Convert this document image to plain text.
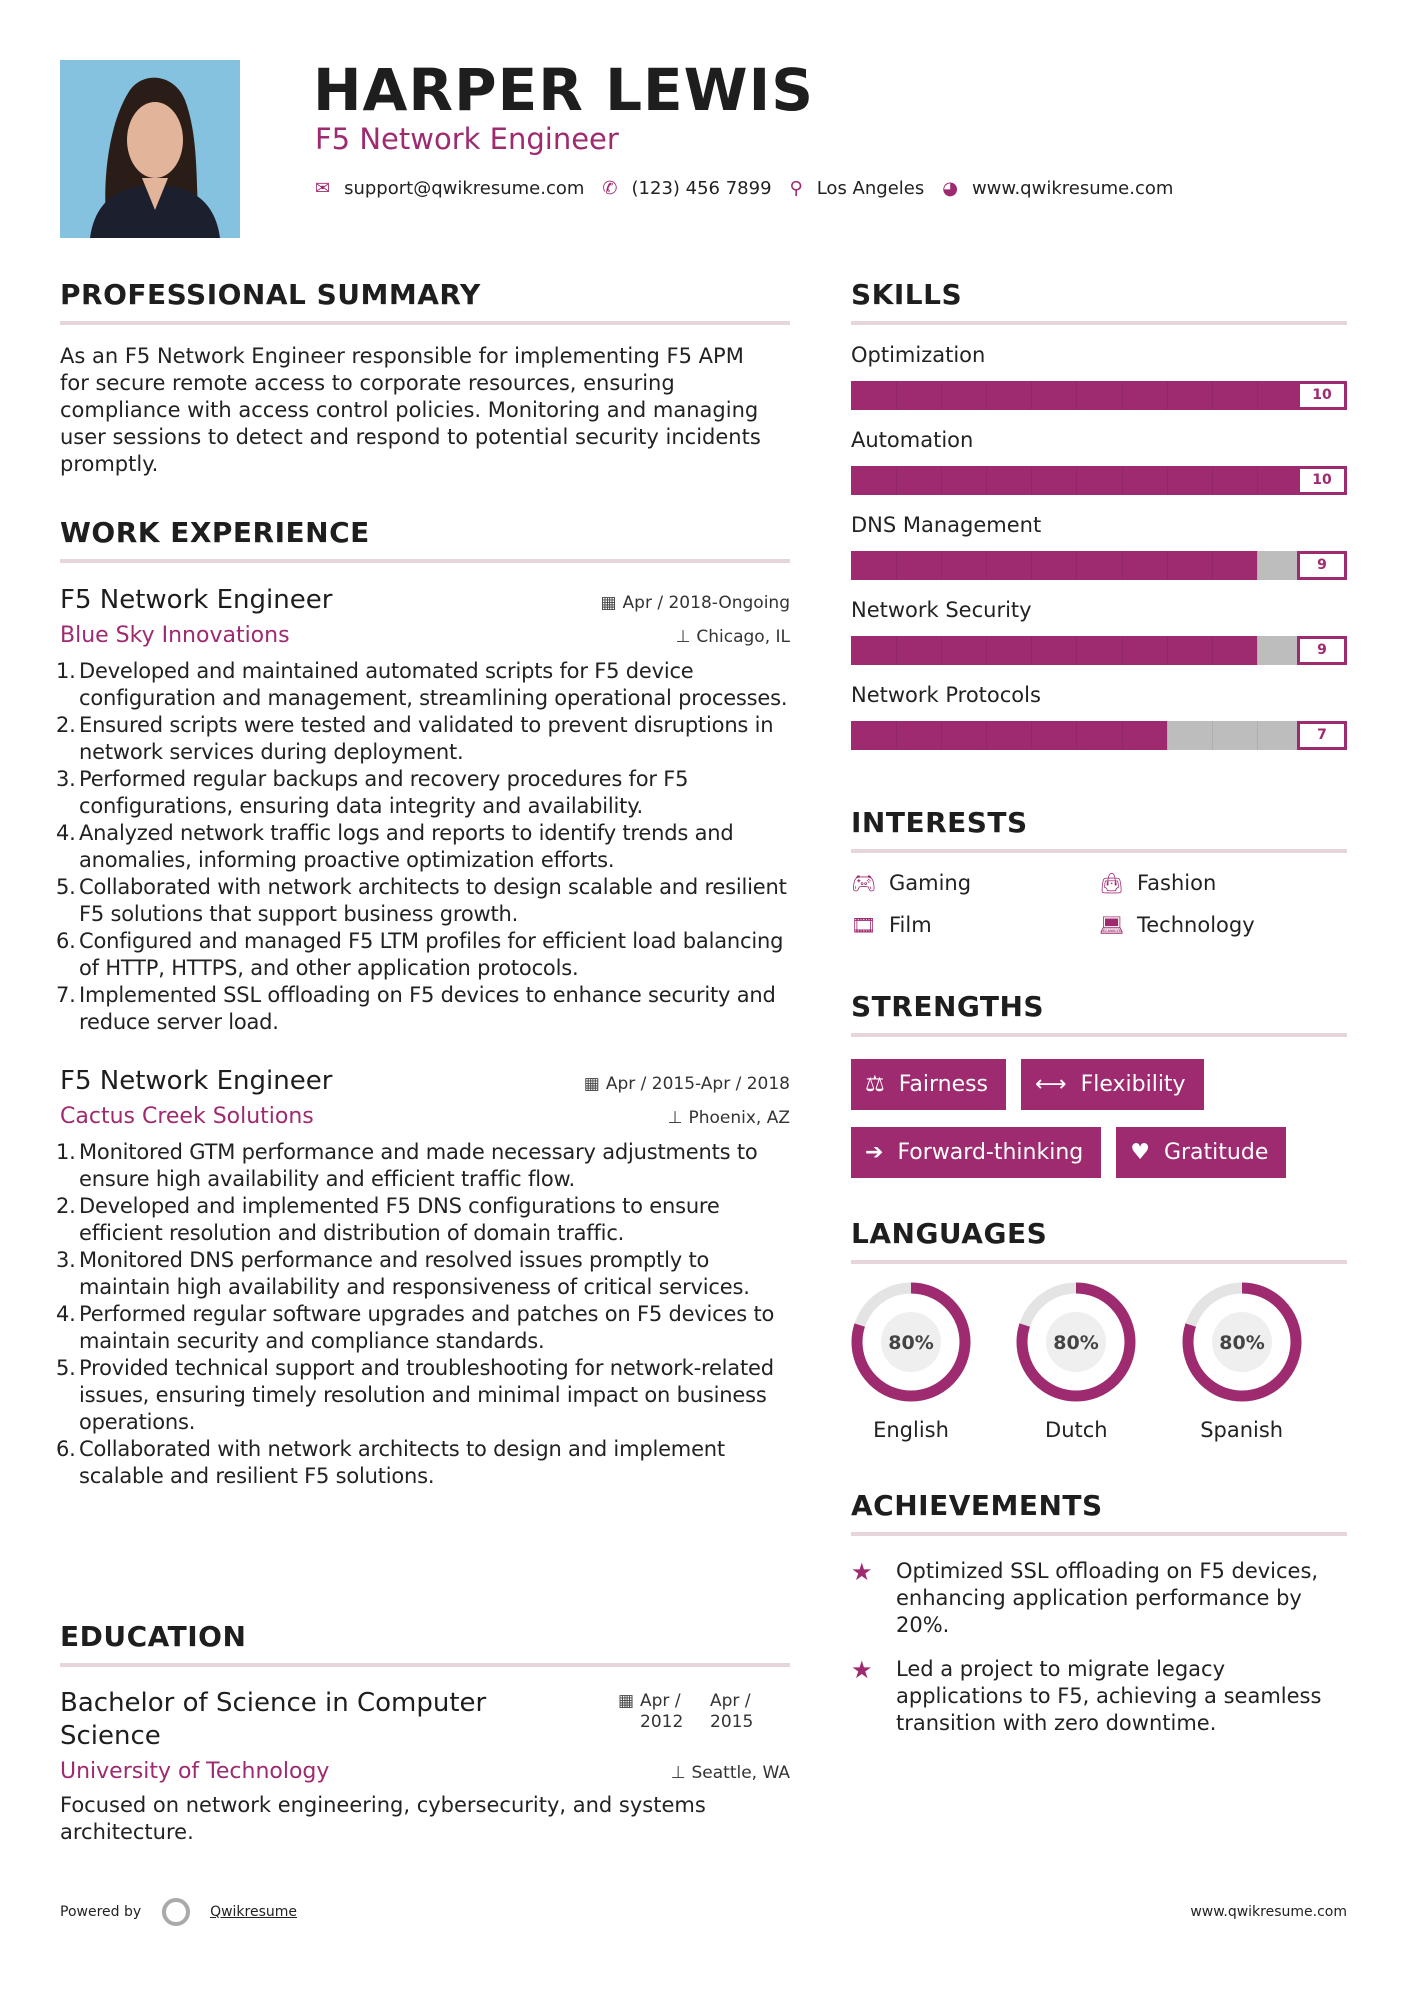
HARPER LEWIS
F5 Network Engineer
✉ support@qwikresume.com ✆ (123) 456 7899 ⚲ Los Angeles ◕ www.qwikresume.com
PROFESSIONAL SUMMARY
As an F5 Network Engineer responsible for implementing F5 APM for secure remote access to corporate resources, ensuring compliance with access control policies. Monitoring and managing user sessions to detect and respond to potential security incidents promptly.
WORK EXPERIENCE
F5 Network Engineer	▦ Apr / 2018-Ongoing
Blue Sky Innovations	⊥ Chicago, IL
1. Developed and maintained automated scripts for F5 device configuration and management, streamlining operational processes.
2. Ensured scripts were tested and validated to prevent disruptions in network services during deployment.
3. Performed regular backups and recovery procedures for F5 configurations, ensuring data integrity and availability.
4. Analyzed network traffic logs and reports to identify trends and anomalies, informing proactive optimization efforts.
5. Collaborated with network architects to design scalable and resilient F5 solutions that support business growth.
6. Configured and managed F5 LTM profiles for efficient load balancing of HTTP, HTTPS, and other application protocols.
7. Implemented SSL offloading on F5 devices to enhance security and reduce server load.
F5 Network Engineer	▦ Apr / 2015-Apr / 2018
Cactus Creek Solutions	⊥ Phoenix, AZ
1. Monitored GTM performance and made necessary adjustments to ensure high availability and efficient traffic flow.
2. Developed and implemented F5 DNS configurations to ensure efficient resolution and distribution of domain traffic.
3. Monitored DNS performance and resolved issues promptly to maintain high availability and responsiveness of critical services.
4. Performed regular software upgrades and patches on F5 devices to maintain security and compliance standards.
5. Provided technical support and troubleshooting for network-related issues, ensuring timely resolution and minimal impact on business operations.
6. Collaborated with network architects to design and implement scalable and resilient F5 solutions.
EDUCATION
Bachelor of Science in Computer Science
▦ Apr / 2012
Apr / 2015
University of Technology	⊥ Seattle, WA
Focused on network engineering, cybersecurity, and systems architecture.
SKILLS
Optimization
10
Automation
10
DNS Management
9
Network Security
9
Network Protocols
7
INTERESTS
🎮︎ Gaming	👜︎ Fashion
🎞︎ Film	💻︎ Technology
STRENGTHS
⚖ Fairness ⟷ Flexibility
➔ Forward-thinking ♥ Gratitude
LANGUAGES
80%
English
80%
Dutch
80%
Spanish
ACHIEVEMENTS
★	Optimized SSL offloading on F5 devices, enhancing application performance by 20%.
★	Led a project to migrate legacy applications to F5, achieving a seamless transition with zero downtime.
Powered by	Qwikresume	www.qwikresume.com
